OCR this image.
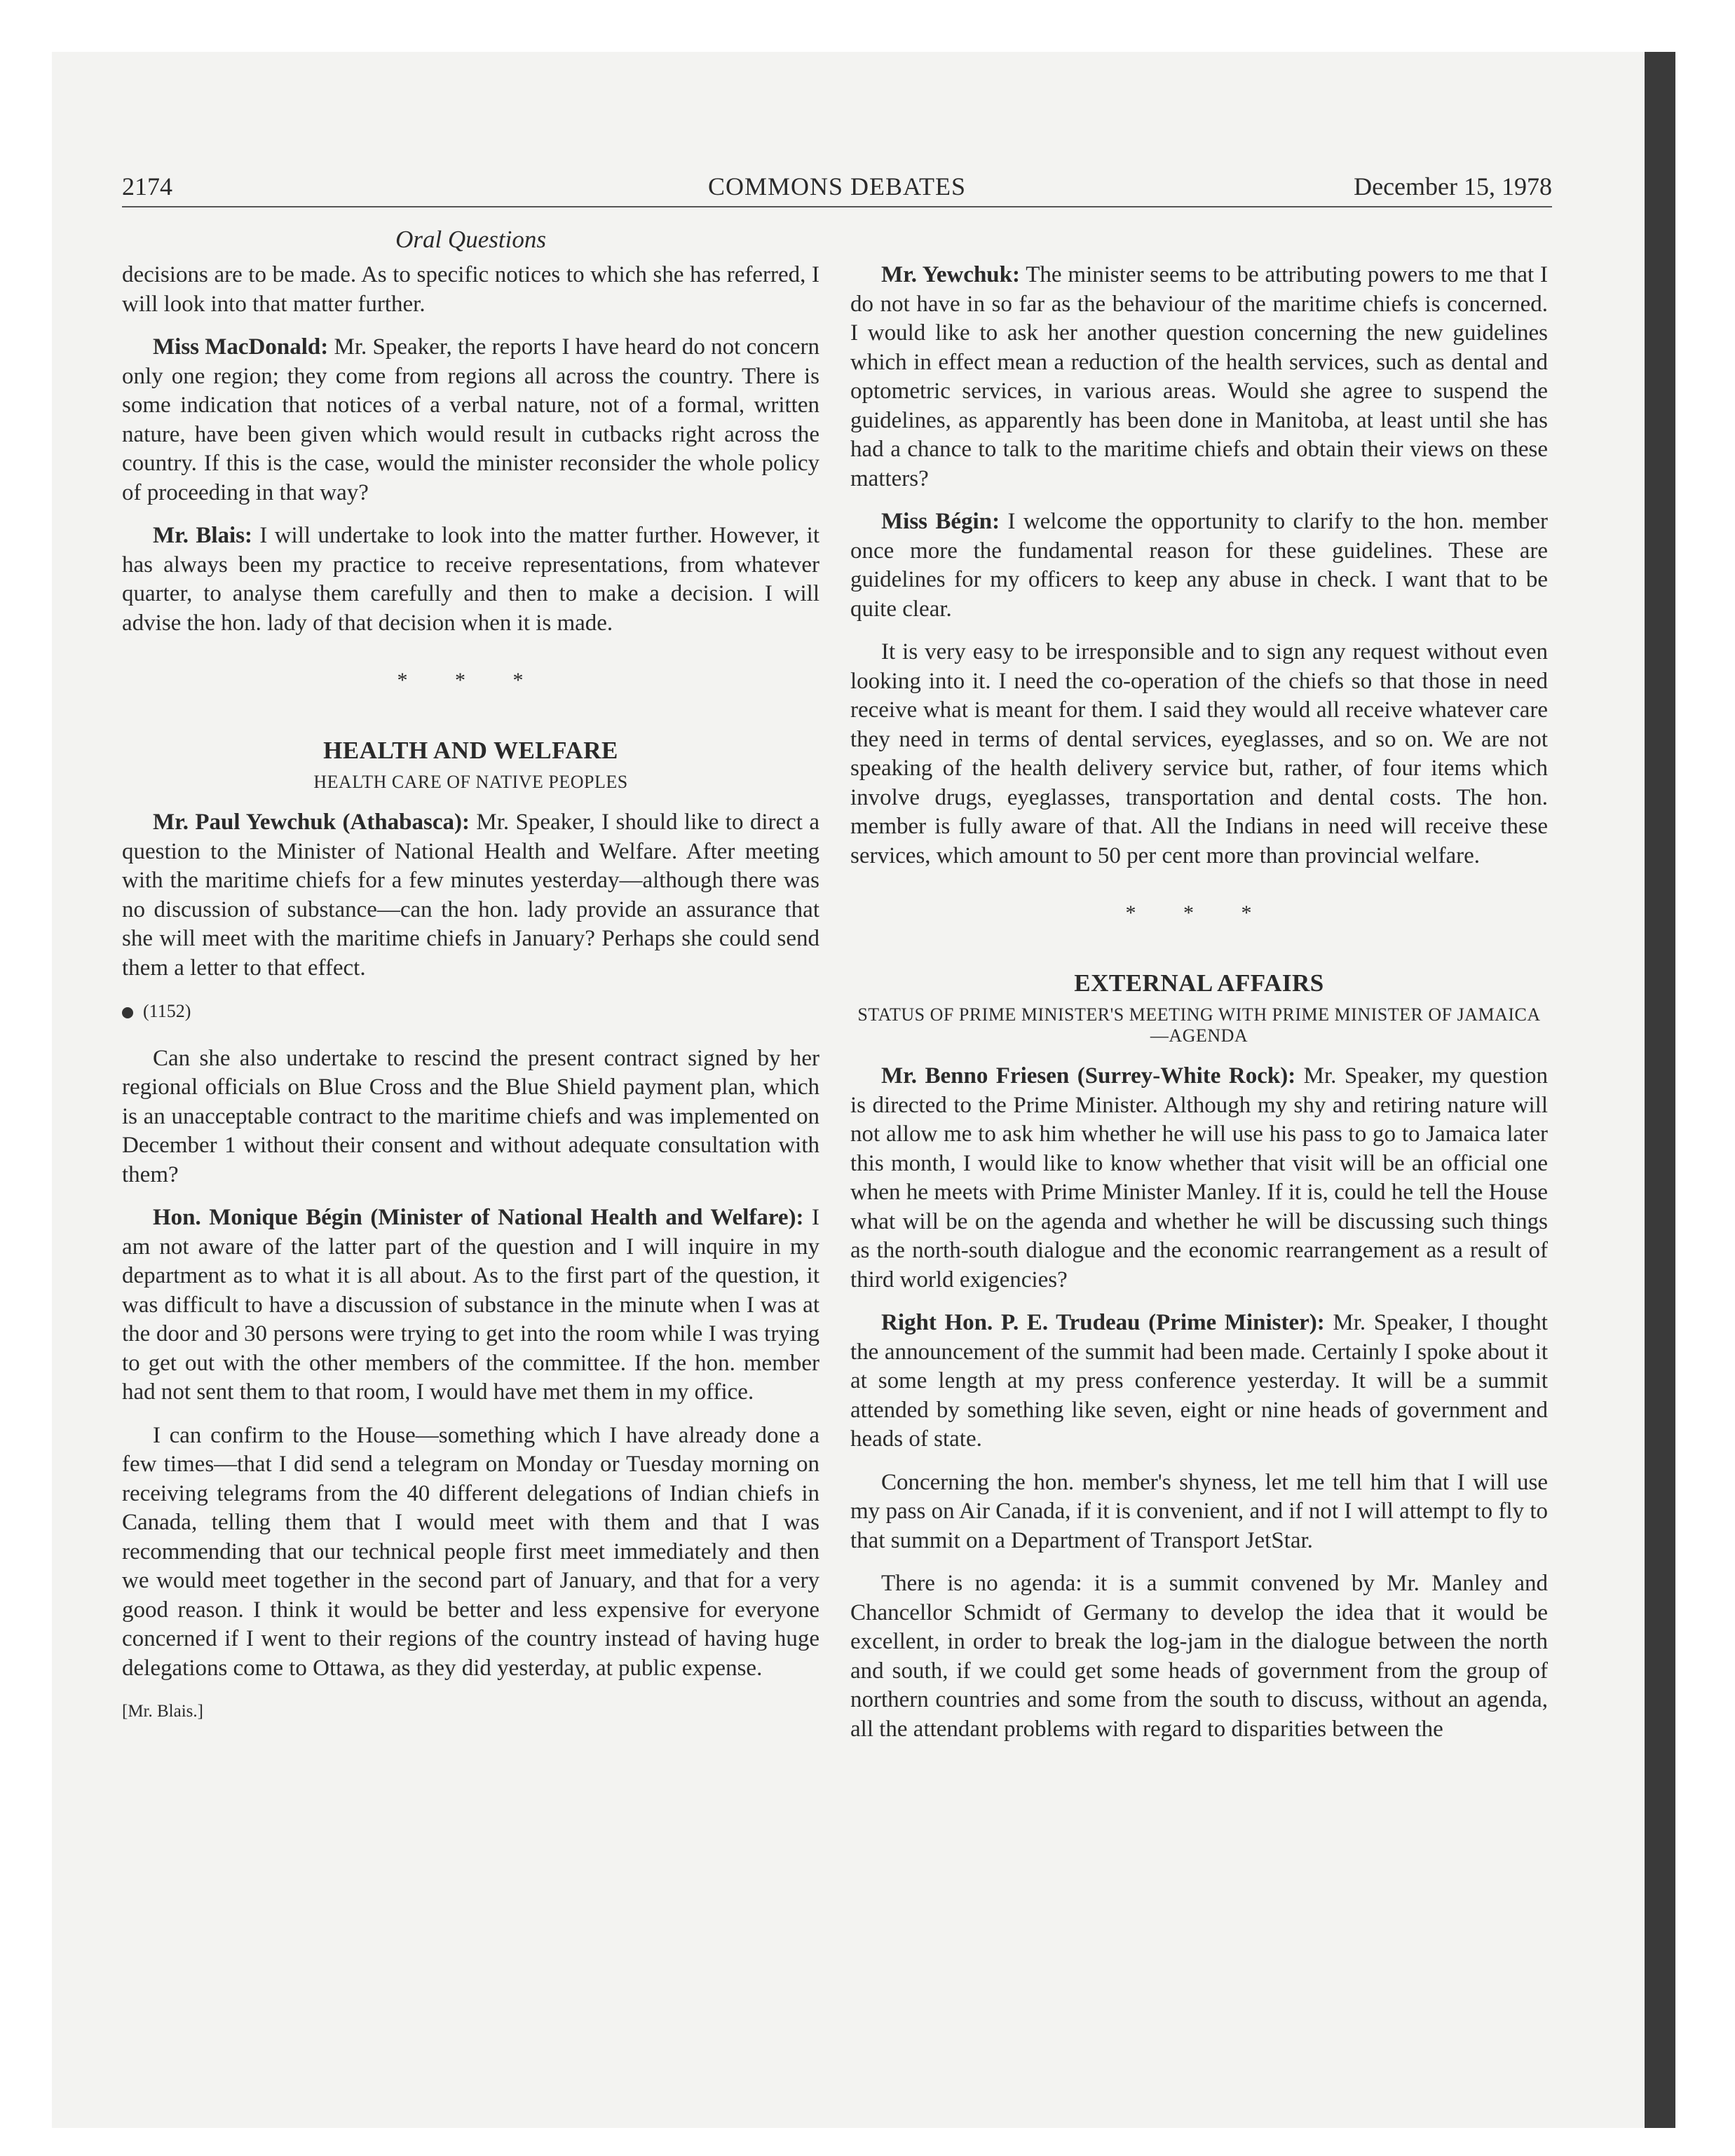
2174	COMMONS DEBATES	December 15, 1978
Oral Questions

decisions are to be made. As to specific notices to which she has referred, I will look into that matter further.

Miss MacDonald: Mr. Speaker, the reports I have heard do not concern only one region; they come from regions all across the country. There is some indication that notices of a verbal nature, not of a formal, written nature, have been given which would result in cutbacks right across the country. If this is the case, would the minister reconsider the whole policy of proceeding in that way?

Mr. Blais: I will undertake to look into the matter further. However, it has always been my practice to receive representations, from whatever quarter, to analyse them carefully and then to make a decision. I will advise the hon. lady of that decision when it is made.

* * *
HEALTH AND WELFARE
HEALTH CARE OF NATIVE PEOPLES

Mr. Paul Yewchuk (Athabasca): Mr. Speaker, I should like to direct a question to the Minister of National Health and Welfare. After meeting with the maritime chiefs for a few minutes yesterday—although there was no discussion of substance—can the hon. lady provide an assurance that she will meet with the maritime chiefs in January? Perhaps she could send them a letter to that effect.

(1152)

Can she also undertake to rescind the present contract signed by her regional officials on Blue Cross and the Blue Shield payment plan, which is an unacceptable contract to the maritime chiefs and was implemented on December 1 without their consent and without adequate consultation with them?

Hon. Monique Bégin (Minister of National Health and Welfare): I am not aware of the latter part of the question and I will inquire in my department as to what it is all about. As to the first part of the question, it was difficult to have a discussion of substance in the minute when I was at the door and 30 persons were trying to get into the room while I was trying to get out with the other members of the committee. If the hon. member had not sent them to that room, I would have met them in my office.

I can confirm to the House—something which I have already done a few times—that I did send a telegram on Monday or Tuesday morning on receiving telegrams from the 40 different delegations of Indian chiefs in Canada, telling them that I would meet with them and that I was recommending that our technical people first meet immediately and then we would meet together in the second part of January, and that for a very good reason. I think it would be better and less expensive for everyone concerned if I went to their regions of the country instead of having huge delegations come to Ottawa, as they did yesterday, at public expense.

[Mr. Blais.]

Mr. Yewchuk: The minister seems to be attributing powers to me that I do not have in so far as the behaviour of the maritime chiefs is concerned. I would like to ask her another question concerning the new guidelines which in effect mean a reduction of the health services, such as dental and optometric services, in various areas. Would she agree to suspend the guidelines, as apparently has been done in Manitoba, at least until she has had a chance to talk to the maritime chiefs and obtain their views on these matters?

Miss Bégin: I welcome the opportunity to clarify to the hon. member once more the fundamental reason for these guidelines. These are guidelines for my officers to keep any abuse in check. I want that to be quite clear.

It is very easy to be irresponsible and to sign any request without even looking into it. I need the co-operation of the chiefs so that those in need receive what is meant for them. I said they would all receive whatever care they need in terms of dental services, eyeglasses, and so on. We are not speaking of the health delivery service but, rather, of four items which involve drugs, eyeglasses, transportation and dental costs. The hon. member is fully aware of that. All the Indians in need will receive these services, which amount to 50 per cent more than provincial welfare.

* * *
EXTERNAL AFFAIRS
STATUS OF PRIME MINISTER'S MEETING WITH PRIME MINISTER OF JAMAICA—AGENDA

Mr. Benno Friesen (Surrey-White Rock): Mr. Speaker, my question is directed to the Prime Minister. Although my shy and retiring nature will not allow me to ask him whether he will use his pass to go to Jamaica later this month, I would like to know whether that visit will be an official one when he meets with Prime Minister Manley. If it is, could he tell the House what will be on the agenda and whether he will be discussing such things as the north-south dialogue and the economic rearrangement as a result of third world exigencies?

Right Hon. P. E. Trudeau (Prime Minister): Mr. Speaker, I thought the announcement of the summit had been made. Certainly I spoke about it at some length at my press conference yesterday. It will be a summit attended by something like seven, eight or nine heads of government and heads of state.

Concerning the hon. member's shyness, let me tell him that I will use my pass on Air Canada, if it is convenient, and if not I will attempt to fly to that summit on a Department of Transport JetStar.

There is no agenda: it is a summit convened by Mr. Manley and Chancellor Schmidt of Germany to develop the idea that it would be excellent, in order to break the log-jam in the dialogue between the north and south, if we could get some heads of government from the group of northern countries and some from the south to discuss, without an agenda, all the attendant problems with regard to disparities between the
